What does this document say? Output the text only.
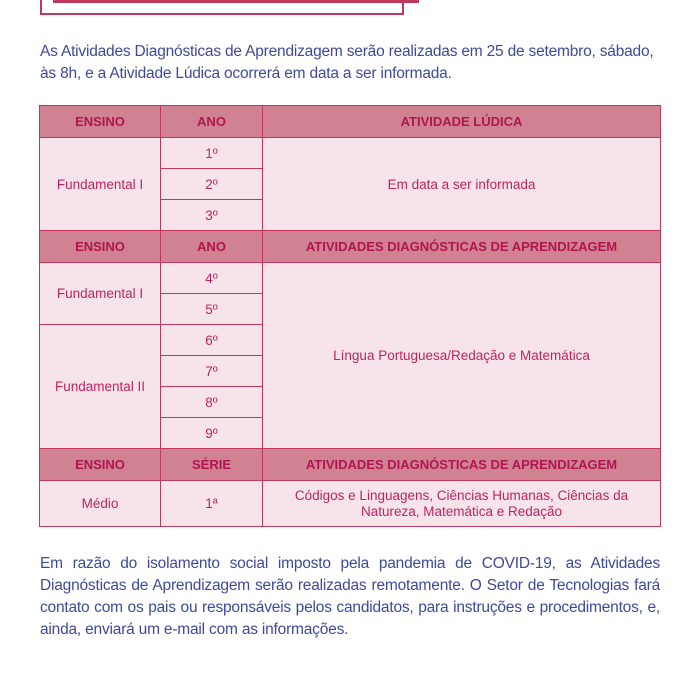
As Atividades Diagnósticas de Aprendizagem serão realizadas em 25 de setembro, sábado, às 8h, e a Atividade Lúdica ocorrerá em data a ser informada.

ENSINO	ANO	ATIVIDADE LÚDICA
Fundamental I	1º	Em data a ser informada
	2º	
	3º	
ENSINO	ANO	ATIVIDADES DIAGNÓSTICAS DE APRENDIZAGEM
Fundamental I	4º	Língua Portuguesa/Redação e Matemática
	5º	
Fundamental II	6º	
	7º	
	8º	
	9º	
ENSINO	SÉRIE	ATIVIDADES DIAGNÓSTICAS DE APRENDIZAGEM
Médio	1ª	Códigos e Linguagens, Ciências Humanas, Ciências da Natureza, Matemática e Redação

Em razão do isolamento social imposto pela pandemia de COVID-19, as Atividades Diagnósticas de Aprendizagem serão realizadas remotamente. O Setor de Tecnologias fará contato com os pais ou responsáveis pelos candidatos, para instruções e procedimentos, e, ainda, enviará um e-mail com as informações.
